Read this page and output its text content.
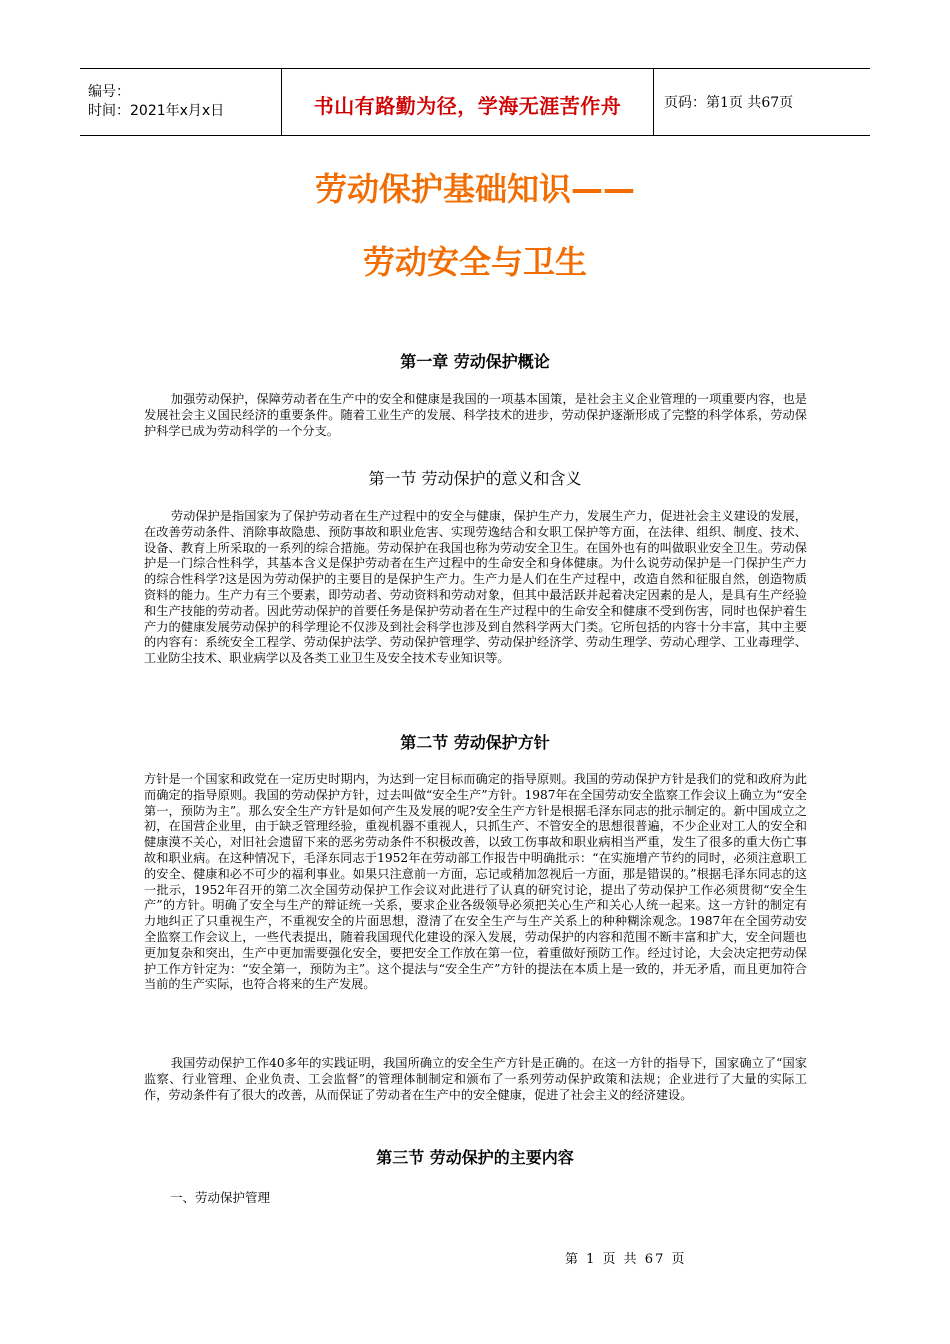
编号：
时间：2021年x月x日	书山有路勤为径，学海无涯苦作舟	页码：第1页 共67页
劳动保护基础知识——
劳动安全与卫生
第一章 劳动保护概论

加强劳动保护，保障劳动者在生产中的安全和健康是我国的一项基本国策，是社会主义企业管理的一项重要内容，也是发展社会主义国民经济的重要条件。随着工业生产的发展、科学技术的进步，劳动保护逐渐形成了完整的科学体系，劳动保护科学已成为劳动科学的一个分支。

第一节 劳动保护的意义和含义

劳动保护是指国家为了保护劳动者在生产过程中的安全与健康，保护生产力，发展生产力，促进社会主义建设的发展，在改善劳动条件、消除事故隐患、预防事故和职业危害、实现劳逸结合和女职工保护等方面，在法律、组织、制度、技术、设备、教育上所采取的一系列的综合措施。劳动保护在我国也称为劳动安全卫生。在国外也有的叫做职业安全卫生。劳动保护是一门综合性科学，其基本含义是保护劳动者在生产过程中的生命安全和身体健康。为什么说劳动保护是一门保护生产力的综合性科学?这是因为劳动保护的主要目的是保护生产力。生产力是人们在生产过程中，改造自然和征服自然，创造物质资料的能力。生产力有三个要素，即劳动者、劳动资料和劳动对象，但其中最活跃并起着决定因素的是人，是具有生产经验和生产技能的劳动者。因此劳动保护的首要任务是保护劳动者在生产过程中的生命安全和健康不受到伤害，同时也保护着生产力的健康发展劳动保护的科学理论不仅涉及到社会科学也涉及到自然科学两大门类。它所包括的内容十分丰富，其中主要的内容有：系统安全工程学、劳动保护法学、劳动保护管理学、劳动保护经济学、劳动生理学、劳动心理学、工业毒理学、工业防尘技术、职业病学以及各类工业卫生及安全技术专业知识等。

第二节 劳动保护方针

方针是一个国家和政党在一定历史时期内，为达到一定目标而确定的指导原则。我国的劳动保护方针是我们的党和政府为此而确定的指导原则。我国的劳动保护方针，过去叫做“安全生产”方针。1987年在全国劳动安全监察工作会议上确立为“安全第一，预防为主”。那么安全生产方针是如何产生及发展的呢?安全生产方针是根据毛泽东同志的批示制定的。新中国成立之初，在国营企业里，由于缺乏管理经验，重视机器不重视人，只抓生产、不管安全的思想很普遍，不少企业对工人的安全和健康漠不关心，对旧社会遗留下来的恶劣劳动条件不积极改善，以致工伤事故和职业病相当严重，发生了很多的重大伤亡事故和职业病。在这种情况下，毛泽东同志于1952年在劳动部工作报告中明确批示：“在实施增产节约的同时，必须注意职工的安全、健康和必不可少的福利事业。如果只注意前一方面，忘记或稍加忽视后一方面，那是错误的。”根据毛泽东同志的这一批示，1952年召开的第二次全国劳动保护工作会议对此进行了认真的研究讨论，提出了劳动保护工作必须贯彻“安全生产”的方针。明确了安全与生产的辩证统一关系，要求企业各级领导必须把关心生产和关心人统一起来。这一方针的制定有力地纠正了只重视生产，不重视安全的片面思想，澄清了在安全生产与生产关系上的种种糊涂观念。1987年在全国劳动安全监察工作会议上，一些代表提出，随着我国现代化建设的深入发展，劳动保护的内容和范围不断丰富和扩大，安全问题也更加复杂和突出，生产中更加需要强化安全，要把安全工作放在第一位，着重做好预防工作。经过讨论，大会决定把劳动保护工作方针定为：“安全第一，预防为主”。这个提法与“安全生产”方针的提法在本质上是一致的，并无矛盾，而且更加符合当前的生产实际，也符合将来的生产发展。

我国劳动保护工作40多年的实践证明，我国所确立的安全生产方针是正确的。在这一方针的指导下，国家确立了“国家监察、行业管理、企业负责、工会监督”的管理体制制定和颁布了一系列劳动保护政策和法规；企业进行了大量的实际工作，劳动条件有了很大的改善，从而保证了劳动者在生产中的安全健康，促进了社会主义的经济建设。

第三节 劳动保护的主要内容
一、劳动保护管理
第 1 页 共 67 页
